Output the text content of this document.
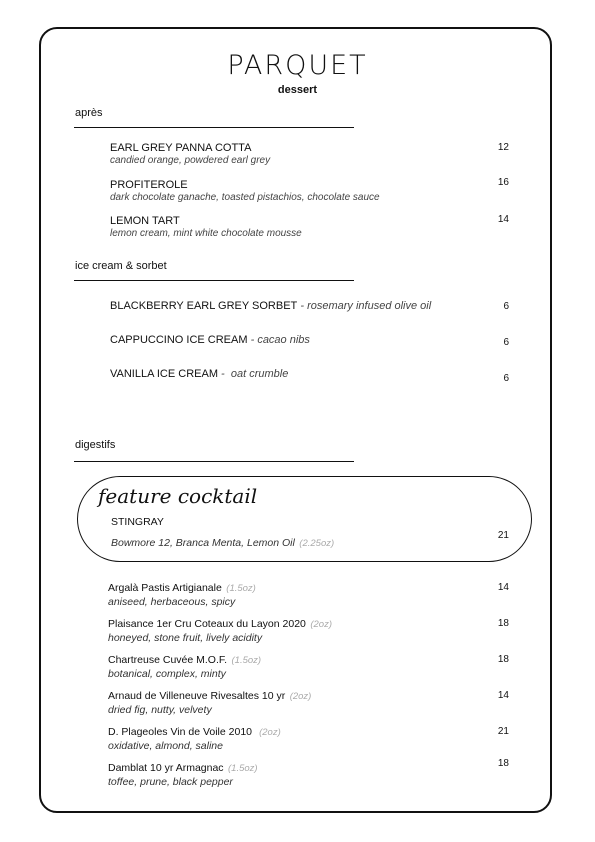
PARQUET
dessert
après
EARL GREY PANNA COTTA
candied orange, powdered earl grey
12
PROFITEROLE
dark chocolate ganache, toasted pistachios, chocolate sauce
16
LEMON TART
lemon cream, mint white chocolate mousse
14
ice cream & sorbet
BLACKBERRY EARL GREY SORBET - rosemary infused olive oil	6
CAPPUCCINO ICE CREAM - cacao nibs	6
VANILLA ICE CREAM -  oat crumble	6
digestifs
feature cocktail
STINGRAY
Bowmore 12, Branca Menta, Lemon Oil (2.25oz)
21
Argalà Pastis Artigianale (1.5oz)
aniseed, herbaceous, spicy
14
Plaisance 1er Cru Coteaux du Layon 2020 (2oz)
honeyed, stone fruit, lively acidity
18
Chartreuse Cuvée M.O.F. (1.5oz)
botanical, complex, minty
18
Arnaud de Villeneuve Rivesaltes 10 yr (2oz)
dried fig, nutty, velvety
14
D. Plageoles Vin de Voile 2010  (2oz)
oxidative, almond, saline
21
Damblat 10 yr Armagnac (1.5oz)
toffee, prune, black pepper
18
